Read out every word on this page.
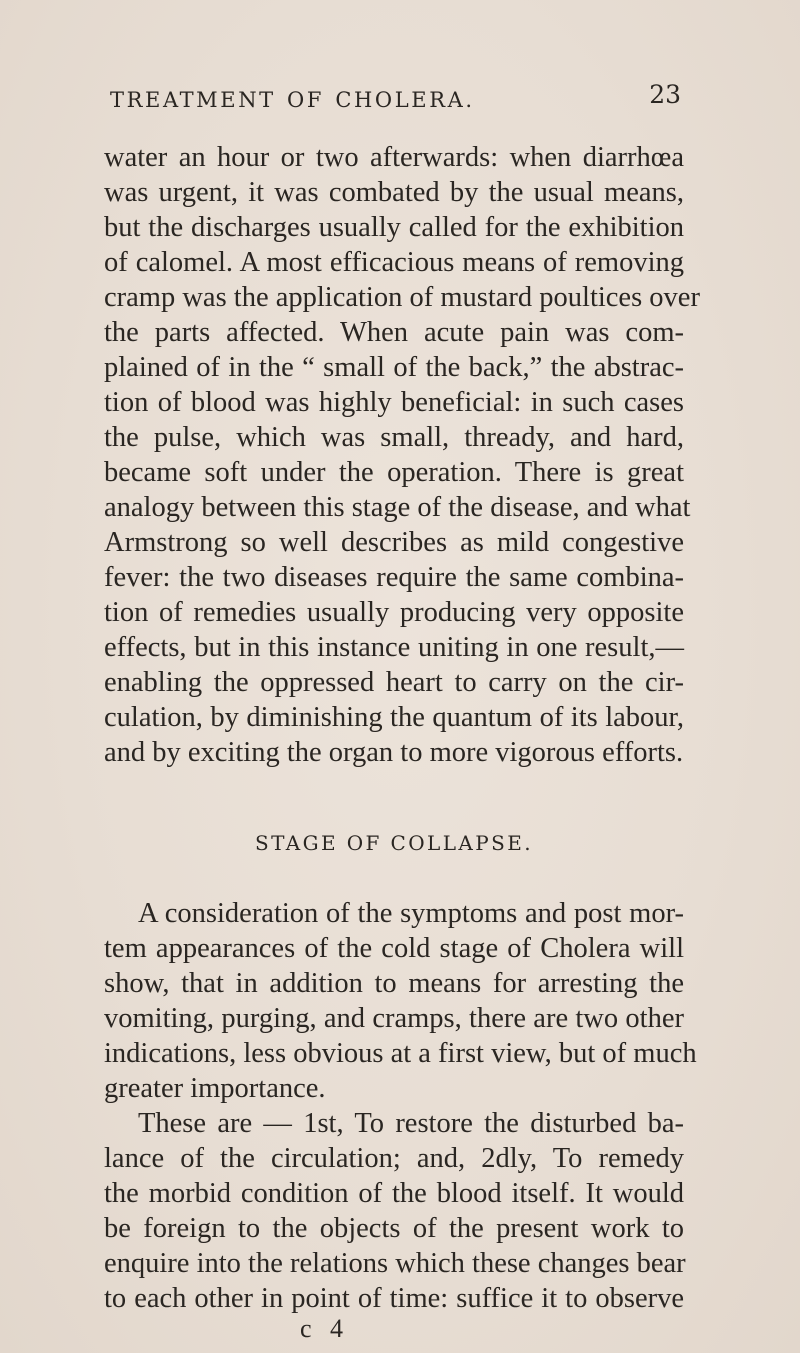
TREATMENT OF CHOLERA.	23
water an hour or two afterwards: when diarrhœa
was urgent, it was combated by the usual means,
but the discharges usually called for the exhibition
of calomel. A most efficacious means of removing
cramp was the application of mustard poultices over
the parts affected. When acute pain was com-
plained of in the “ small of the back,” the abstrac-
tion of blood was highly beneficial: in such cases
the pulse, which was small, thready, and hard,
became soft under the operation. There is great
analogy between this stage of the disease, and what
Armstrong so well describes as mild congestive
fever: the two diseases require the same combina-
tion of remedies usually producing very opposite
effects, but in this instance uniting in one result,—
enabling the oppressed heart to carry on the cir-
culation, by diminishing the quantum of its labour,
and by exciting the organ to more vigorous efforts.
STAGE OF COLLAPSE.
A consideration of the symptoms and post mor-
tem appearances of the cold stage of Cholera will
show, that in addition to means for arresting the
vomiting, purging, and cramps, there are two other
indications, less obvious at a first view, but of much
greater importance.
These are — 1st, To restore the disturbed ba-
lance of the circulation; and, 2dly, To remedy
the morbid condition of the blood itself. It would
be foreign to the objects of the present work to
enquire into the relations which these changes bear
to each other in point of time: suffice it to observe
c 4
